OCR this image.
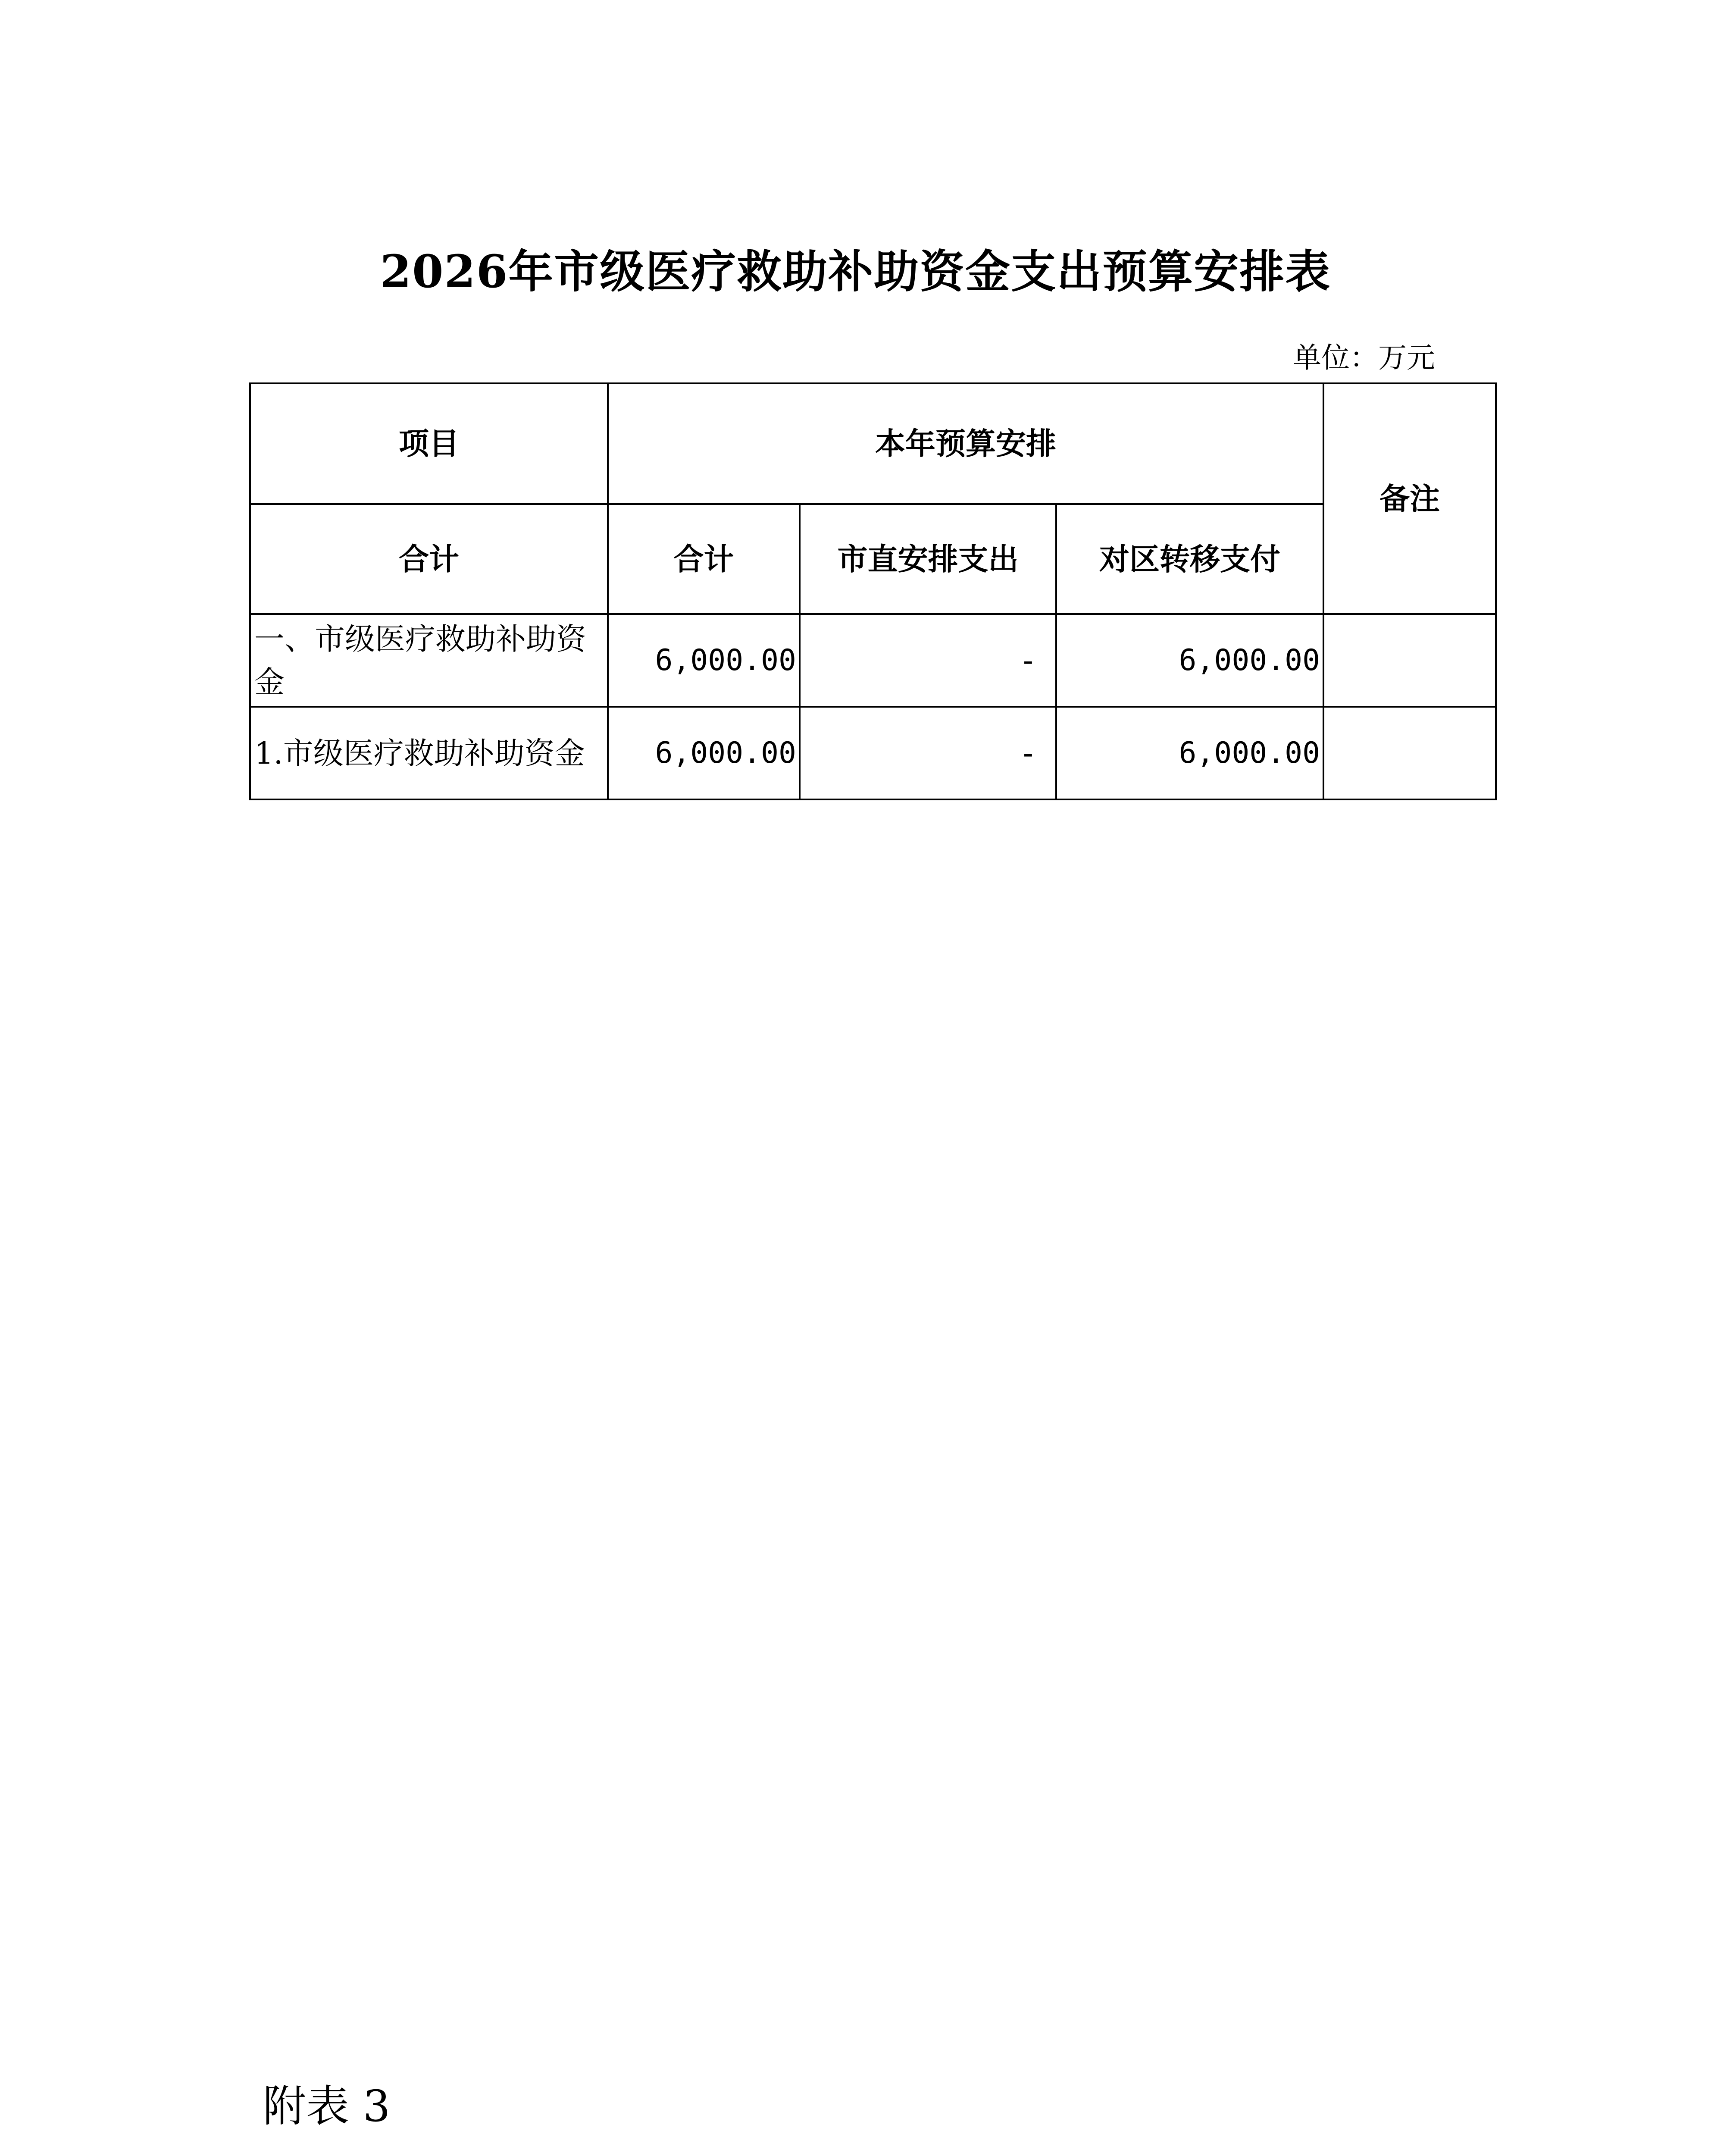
2026年市级医疗救助补助资金支出预算安排表
单位：万元
项目	本年预算安排			备注
合计	合计	市直安排支出	对区转移支付	
一、市级医疗救助补助资金	6,000.00	-	6,000.00	
1.市级医疗救助补助资金	6,000.00	-	6,000.00	
附表 3
